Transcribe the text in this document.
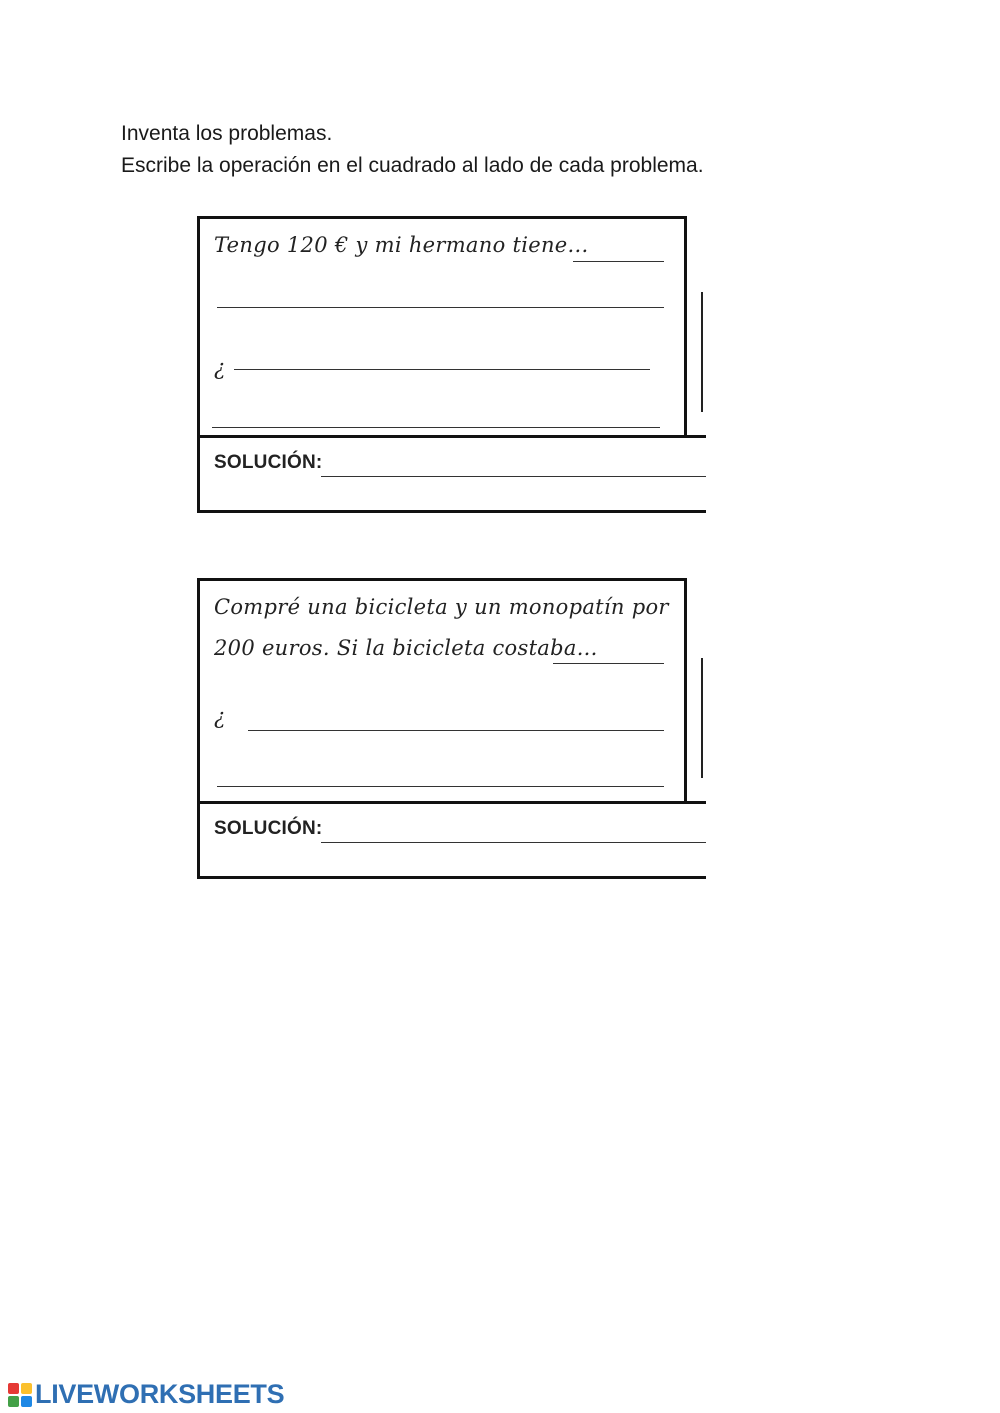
Inventa los problemas.
Escribe la operación en el cuadrado al lado de cada problema.
Tengo 120 € y mi hermano tiene...
¿
SOLUCIÓN:
Compré una bicicleta y un monopatín por
200 euros. Si la bicicleta costaba...
¿
SOLUCIÓN:
LIVEWORKSHEETS
